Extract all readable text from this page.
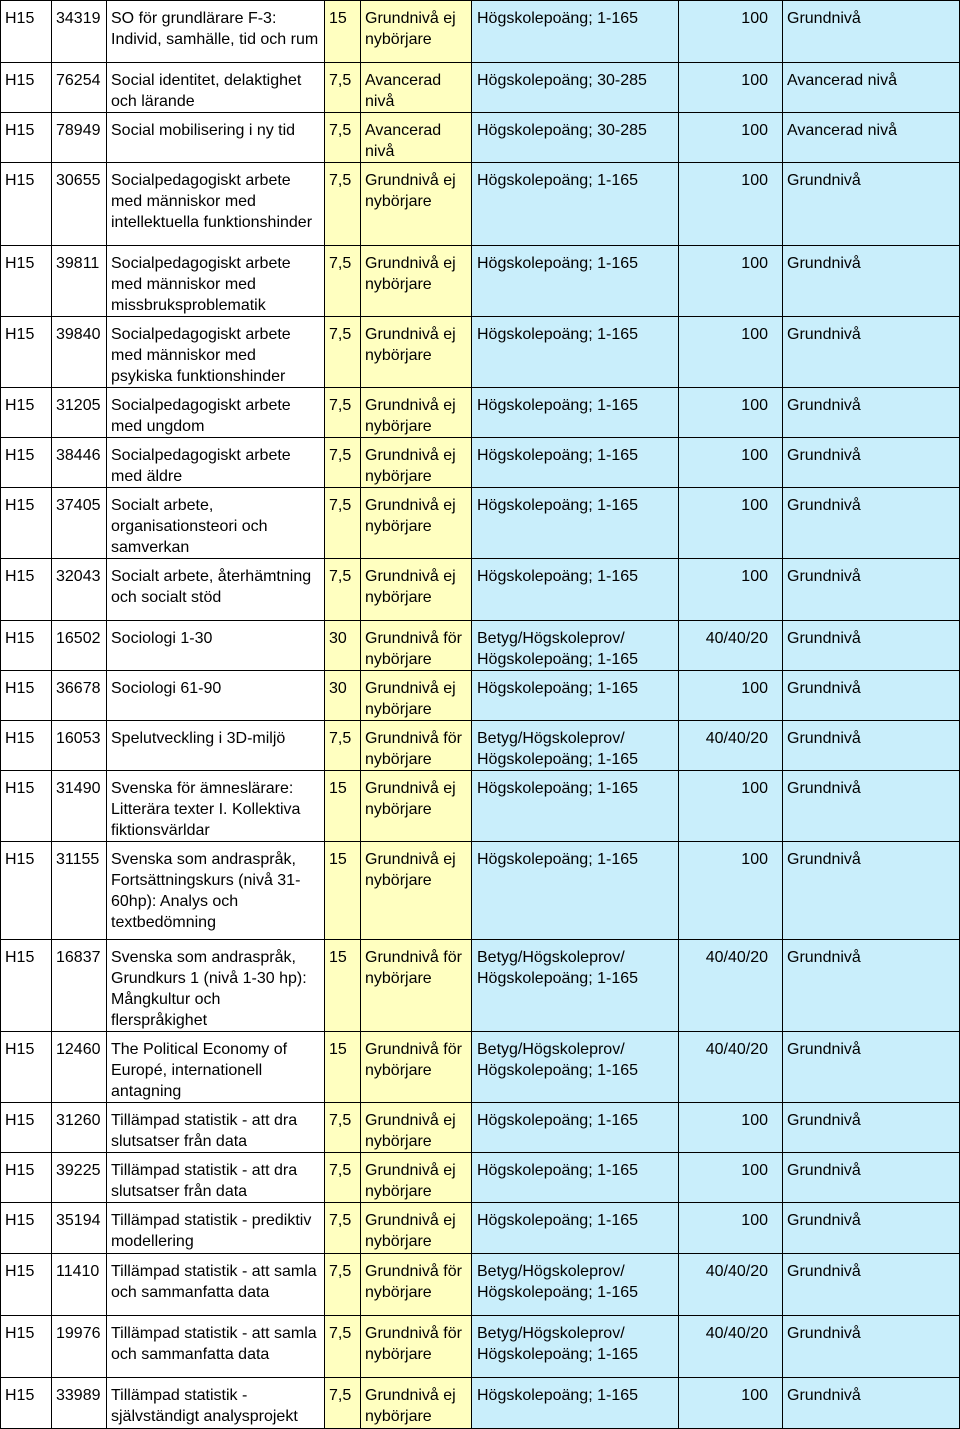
H15	34319	SO för grundlärare F-3: Individ, samhälle, tid och rum	15	Grundnivå ej nybörjare	Högskolepoäng; 1-165	100	Grundnivå
H15	76254	Social identitet, delaktighet och lärande	7,5	Avancerad nivå	Högskolepoäng; 30-285	100	Avancerad nivå
H15	78949	Social mobilisering i ny tid	7,5	Avancerad nivå	Högskolepoäng; 30-285	100	Avancerad nivå
H15	30655	Socialpedagogiskt arbete med människor med intellektuella funktionshinder	7,5	Grundnivå ej nybörjare	Högskolepoäng; 1-165	100	Grundnivå
H15	39811	Socialpedagogiskt arbete med människor med missbruksproblematik	7,5	Grundnivå ej nybörjare	Högskolepoäng; 1-165	100	Grundnivå
H15	39840	Socialpedagogiskt arbete med människor med psykiska funktionshinder	7,5	Grundnivå ej nybörjare	Högskolepoäng; 1-165	100	Grundnivå
H15	31205	Socialpedagogiskt arbete med ungdom	7,5	Grundnivå ej nybörjare	Högskolepoäng; 1-165	100	Grundnivå
H15	38446	Socialpedagogiskt arbete med äldre	7,5	Grundnivå ej nybörjare	Högskolepoäng; 1-165	100	Grundnivå
H15	37405	Socialt arbete, organisationsteori och samverkan	7,5	Grundnivå ej nybörjare	Högskolepoäng; 1-165	100	Grundnivå
H15	32043	Socialt arbete, återhämtning och socialt stöd	7,5	Grundnivå ej nybörjare	Högskolepoäng; 1-165	100	Grundnivå
H15	16502	Sociologi 1-30	30	Grundnivå för nybörjare	Betyg/Högskoleprov/ Högskolepoäng; 1-165	40/40/20	Grundnivå
H15	36678	Sociologi 61-90	30	Grundnivå ej nybörjare	Högskolepoäng; 1-165	100	Grundnivå
H15	16053	Spelutveckling i 3D-miljö	7,5	Grundnivå för nybörjare	Betyg/Högskoleprov/ Högskolepoäng; 1-165	40/40/20	Grundnivå
H15	31490	Svenska för ämneslärare: Litterära texter I. Kollektiva fiktionsvärldar	15	Grundnivå ej nybörjare	Högskolepoäng; 1-165	100	Grundnivå
H15	31155	Svenska som andraspråk, Fortsättningskurs (nivå 31-60hp): Analys och textbedömning	15	Grundnivå ej nybörjare	Högskolepoäng; 1-165	100	Grundnivå
H15	16837	Svenska som andraspråk, Grundkurs 1 (nivå 1-30 hp): Mångkultur och flerspråkighet	15	Grundnivå för nybörjare	Betyg/Högskoleprov/ Högskolepoäng; 1-165	40/40/20	Grundnivå
H15	12460	The Political Economy of Europé, internationell antagning	15	Grundnivå för nybörjare	Betyg/Högskoleprov/ Högskolepoäng; 1-165	40/40/20	Grundnivå
H15	31260	Tillämpad statistik - att dra slutsatser från data	7,5	Grundnivå ej nybörjare	Högskolepoäng; 1-165	100	Grundnivå
H15	39225	Tillämpad statistik - att dra slutsatser från data	7,5	Grundnivå ej nybörjare	Högskolepoäng; 1-165	100	Grundnivå
H15	35194	Tillämpad statistik - prediktiv modellering	7,5	Grundnivå ej nybörjare	Högskolepoäng; 1-165	100	Grundnivå
H15	11410	Tillämpad statistik - att samla och sammanfatta data	7,5	Grundnivå för nybörjare	Betyg/Högskoleprov/ Högskolepoäng; 1-165	40/40/20	Grundnivå
H15	19976	Tillämpad statistik - att samla och sammanfatta data	7,5	Grundnivå för nybörjare	Betyg/Högskoleprov/ Högskolepoäng; 1-165	40/40/20	Grundnivå
H15	33989	Tillämpad statistik - självständigt analysprojekt	7,5	Grundnivå ej nybörjare	Högskolepoäng; 1-165	100	Grundnivå
